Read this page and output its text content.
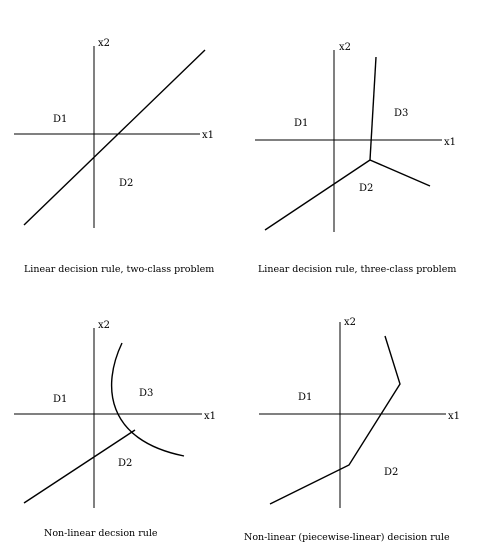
x2
x1
D1
D2
Linear decision rule, two-class problem
x2
x1
D1
D3
D2
Linear decision rule, three-class problem
x2
x1
D1
D3
D2
Non-linear decsion rule
x2
x1
D1
D2
Non-linear (piecewise-linear) decision rule
